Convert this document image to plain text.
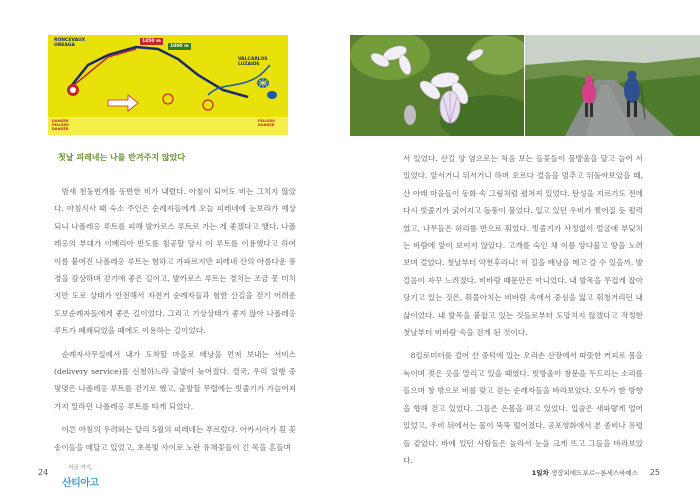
RONCEVAUX
OREAGA
VALCARLOS
LUZAIDE
1450 m
1000 m
DANGER
PELIGRO
DANGER
PELIGRO
DANGER
첫날 피레네는 나를 반겨주지 않았다

밤새 천둥번개를 동반한 비가 내렸다. 아침이 되어도 비는 그치지 않았다. 아침식사 때 숙소 주인은 순례자들에게 오늘 피레네에 눈보라가 예상되니 나폴레옹 루트를 피해 발카로스 루트로 가는 게 좋겠다고 했다. 나폴레옹의 부대가 이베리아 반도를 침공할 당시 이 루트를 이용했다고 하여 이름 붙여진 나폴레옹 루트는 험하고 가파르지만 피레네 산의 아름다운 풍경을 감상하며 걷기에 좋은 길이고, 발카로스 루트는 경치는 조금 못 미치지만 도로 상태가 안전해서 자전거 순례자들과 험한 산길을 걷기 어려운 도보순례자들에게 좋은 길이었다. 그리고 기상상태가 좋지 않아 나폴레옹 루트가 폐쇄되었을 때에도 이용하는 길이었다.

순례자사무실에서 내가 도착할 마을로 배낭을 먼저 보내는 서비스(delivery service)를 신청하느라 출발이 늦어졌다. 결국, 우리 일행 중 몇몇은 나폴레옹 루트를 걷기로 했고, 출발할 무렵에는 빗줄기가 가늘어져 가지 말라던 나폴레옹 루트를 타게 되었다.

이른 아침의 우려와는 달리 5월의 피레네는 푸르렀다. 아카시아가 흰 꽃송이들을 매달고 있었고, 초록빛 사이로 노란 유채꽃들이 긴 목을 흔들며

24	지금 여기,
산티아고

서 있었다. 산길 양 옆으로는 처음 보는 들꽃들이 물방울을 달고 늘어 서 있었다. 앞서거니 뒤서거니 하며 오르다 걸음을 멈추고 뒤돌아보았을 때, 산 아래 마을들이 동화 속 그림처럼 펼쳐져 있었다. 탄성을 지르기도 전에 다시 빗줄기가 굵어지고 돌풍이 불었다. 입고 있던 우비가 찢어질 듯 펄럭였고, 나무들은 허리를 반으로 휘었다. 빗줄기가 사정없이 얼굴에 부딪치는 바람에 앞이 보이지 않았다. 고개를 숙인 채 이를 앙다물고 땅을 노려보며 걸었다. 첫날부터 악천후라니! 이 길을 배낭을 메고 갈 수 있을까, 발걸음이 자꾸 느려졌다. 비바람 때문만은 아니었다. 내 발목을 무겁게 잡아당기고 있는 것은, 휘몰아치는 비바람 속에서 중심을 잃고 휘청거리던 내 삶이었다. 내 발목을 붙잡고 있는 것들로부터 도망치지 않겠다고 작정한 첫날부터 비바람 속을 걷게 된 것이다.

8킬로미터를 걸어 산 중턱에 있는 오리손 산장에서 따뜻한 커피로 몸을 녹이며 젖은 옷을 말리고 있을 때였다. 빗방울이 창문을 두드리는 소리를 들으며 창 밖으로 비를 맞고 걷는 순례자들을 바라보았다. 모두가 한 방향을 향해 걷고 있었다. 그들은 온몸을 펴고 있었다. 입술은 새파랗게 얼어 있었고, 우비 뒤에서는 물이 뚝뚝 떨어졌다. 공포영화에서 본 좀비나 유령들 같았다. 바에 있던 사람들은 놀라서 눈을 크게 뜨고 그들을 바라보았다.

1일차 생장피에드포르~론세스바예스 25
